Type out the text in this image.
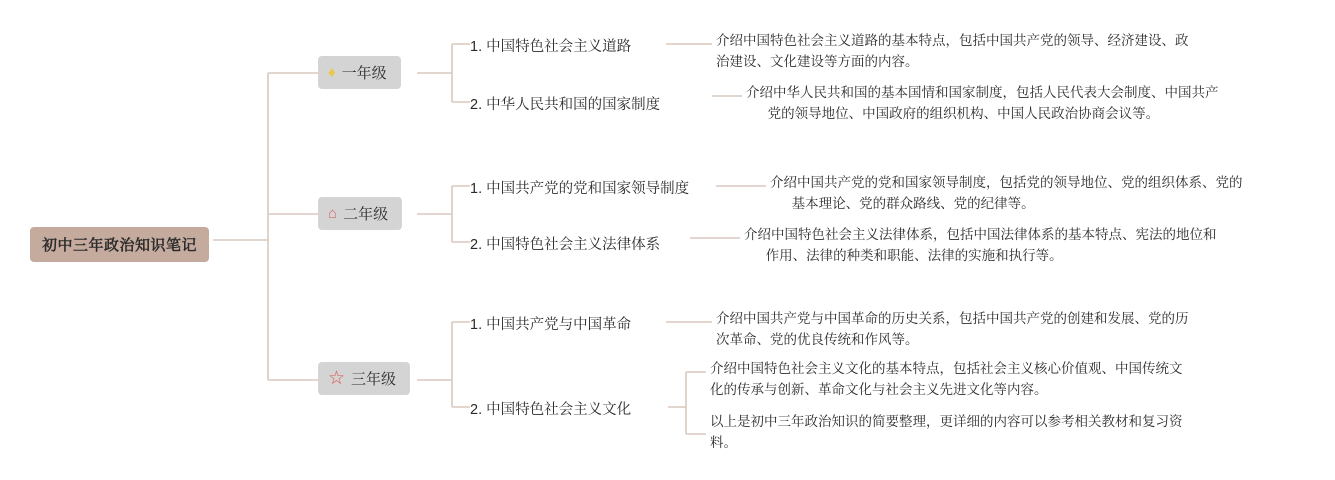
初中三年政治知识笔记
♦ 一年级
1. 中国特色社会主义道路	介绍中国特色社会主义道路的基本特点，包括中国共产党的领导、经济建设、政

治建设、文化建设等方面的内容。

2. 中华人民共和国的国家制度

介绍中华人民共和国的基本国情和国家制度，包括人民代表大会制度、中国共产

党的领导地位、中国政府的组织机构、中国人民政治协商会议等。

⌂ 二年级
1. 中国共产党的党和国家领导制度	介绍中国共产党的党和国家领导制度，包括党的领导地位、党的组织体系、党的

基本理论、党的群众路线、党的纪律等。

2. 中国特色社会主义法律体系

介绍中国特色社会主义法律体系，包括中国法律体系的基本特点、宪法的地位和

作用、法律的种类和职能、法律的实施和执行等。

☆ 三年级
1. 中国共产党与中国革命	介绍中国共产党与中国革命的历史关系，包括中国共产党的创建和发展、党的历

次革命、党的优良传统和作风等。

2. 中国特色社会主义文化

介绍中国特色社会主义文化的基本特点，包括社会主义核心价值观、中国传统文

化的传承与创新、革命文化与社会主义先进文化等内容。

以上是初中三年政治知识的简要整理，更详细的内容可以参考相关教材和复习资

料。
